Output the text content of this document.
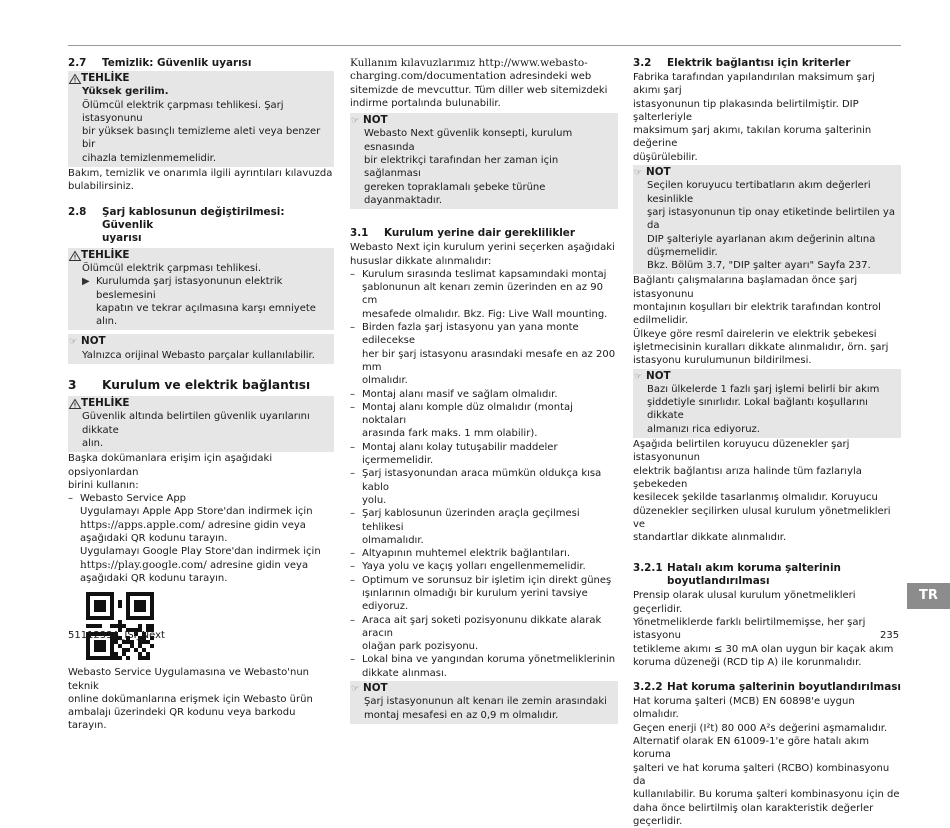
2.7	Temizlik: Güvenlik uyarısı
TEHLİKE
Yüksek gerilim.
Ölümcül elektrik çarpması tehlikesi. Şarj istasyonunu
bir yüksek basınçlı temizleme aleti veya benzer bir
cihazla temizlenmemelidir.
Bakım, temizlik ve onarımla ilgili ayrıntıları kılavuzda
bulabilirsiniz.
2.8	Şarj kablosunun değiştirilmesi: Güvenlik
uyarısı
TEHLİKE
Ölümcül elektrik çarpması tehlikesi.
▶ Kurulumda şarj istasyonunun elektrik beslemesini
kapatın ve tekrar açılmasına karşı emniyete alın.
☞ NOT
Yalnızca orijinal Webasto parçalar kullanılabilir.
3	Kurulum ve elektrik bağlantısı
TEHLİKE
Güvenlik altında belirtilen güvenlik uyarılarını dikkate
alın.
Başka dokümanlara erişim için aşağıdaki opsiyonlardan
birini kullanın:
– Webasto Service App
Uygulamayı Apple App Store'dan indirmek için
https://apps.apple.com/ adresine gidin veya
aşağıdaki QR kodunu tarayın.
Uygulamayı Google Play Store'dan indirmek için
https://play.google.com/ adresine gidin veya
aşağıdaki QR kodunu tarayın.
Webasto Service Uygulamasına ve Webasto'nun teknik
online dokümanlarına erişmek için Webasto ürün
ambalajı üzerindeki QR kodunu veya barkodu tarayın.
Kullanım kılavuzlarımız http://www.webasto-
charging.com/documentation adresindeki web
sitemizde de mevcuttur. Tüm diller web sitemizdeki
indirme portalında bulunabilir.
☞ NOT
Webasto Next güvenlik konsepti, kurulum esnasında
bir elektrikçi tarafından her zaman için sağlanması
gereken topraklamalı şebeke türüne dayanmaktadır.
3.1	Kurulum yerine dair gereklilikler
Webasto Next için kurulum yerini seçerken aşağıdaki
hususlar dikkate alınmalıdır:
– Kurulum sırasında teslimat kapsamındaki montaj
şablonunun alt kenarı zemin üzerinden en az 90 cm
mesafede olmalıdır. Bkz. Fig: Live Wall mounting.
– Birden fazla şarj istasyonu yan yana monte edilecekse
her bir şarj istasyonu arasındaki mesafe en az 200 mm
olmalıdır.
– Montaj alanı masif ve sağlam olmalıdır.
– Montaj alanı komple düz olmalıdır (montaj noktaları
arasında fark maks. 1 mm olabilir).
– Montaj alanı kolay tutuşabilir maddeler içermemelidir.
– Şarj istasyonundan araca mümkün oldukça kısa kablo
yolu.
– Şarj kablosunun üzerinden araçla geçilmesi tehlikesi
olmamalıdır.
– Altyapının muhtemel elektrik bağlantıları.
– Yaya yolu ve kaçış yolları engellenmemelidir.
– Optimum ve sorunsuz bir işletim için direkt güneş
ışınlarının olmadığı bir kurulum yerini tavsiye ediyoruz.
– Araca ait şarj soketi pozisyonunu dikkate alarak aracın
olağan park pozisyonu.
– Lokal bina ve yangından koruma yönetmeliklerinin
dikkate alınması.
☞ NOT
Şarj istasyonunun alt kenarı ile zemin arasındaki
montaj mesafesi en az 0,9 m olmalıdır.
3.2	Elektrik bağlantısı için kriterler
Fabrika tarafından yapılandırılan maksimum şarj akımı şarj
istasyonunun tip plakasında belirtilmiştir. DIP şalterleriyle
maksimum şarj akımı, takılan koruma şalterinin değerine
düşürülebilir.
☞ NOT
Seçilen koruyucu tertibatların akım değerleri kesinlikle
şarj istasyonunun tip onay etiketinde belirtilen ya da
DIP şalteriyle ayarlanan akım değerinin altına
düşmemelidir.
Bkz. Bölüm 3.7, "DIP şalter ayarı" Sayfa 237.
Bağlantı çalışmalarına başlamadan önce şarj istasyonunu
montajının koşulları bir elektrik tarafından kontrol
edilmelidir.
Ülkeye göre resmî dairelerin ve elektrik şebekesi
işletmecisinin kuralları dikkate alınmalıdır, örn. şarj
istasyonu kurulumunun bildirilmesi.
☞ NOT
Bazı ülkelerde 1 fazlı şarj işlemi belirli bir akım
şiddetiyle sınırlıdır. Lokal bağlantı koşullarını dikkate
almanızı rica ediyoruz.
Aşağıda belirtilen koruyucu düzenekler şarj istasyonunun
elektrik bağlantısı arıza halinde tüm fazlarıyla şebekeden
kesilecek şekilde tasarlanmış olmalıdır. Koruyucu
düzenekler seçilirken ulusal kurulum yönetmelikleri ve
standartlar dikkate alınmalıdır.
3.2.1 Hatalı akım koruma şalterinin
boyutlandırılması
Prensip olarak ulusal kurulum yönetmelikleri geçerlidir.
Yönetmeliklerde farklı belirtilmemişse, her şarj istasyonu
tetikleme akımı ≤ 30 mA olan uygun bir kaçak akım
koruma düzeneği (RCD tip A) ile korunmalıdır.
3.2.2 Hat koruma şalterinin boyutlandırılması
Hat koruma şalteri (MCB) EN 60898'e uygun olmalıdır.
Geçen enerji (I²t) 80 000 A²s değerini aşmamalıdır.
Alternatif olarak EN 61009-1'e göre hatalı akım koruma
şalteri ve hat koruma şalteri (RCBO) kombinasyonu da
kullanılabilir. Bu koruma şalteri kombinasyonu için de
daha önce belirtilmiş olan karakteristik değerler geçerlidir.
TR
5111233A_ISI_Next	235
